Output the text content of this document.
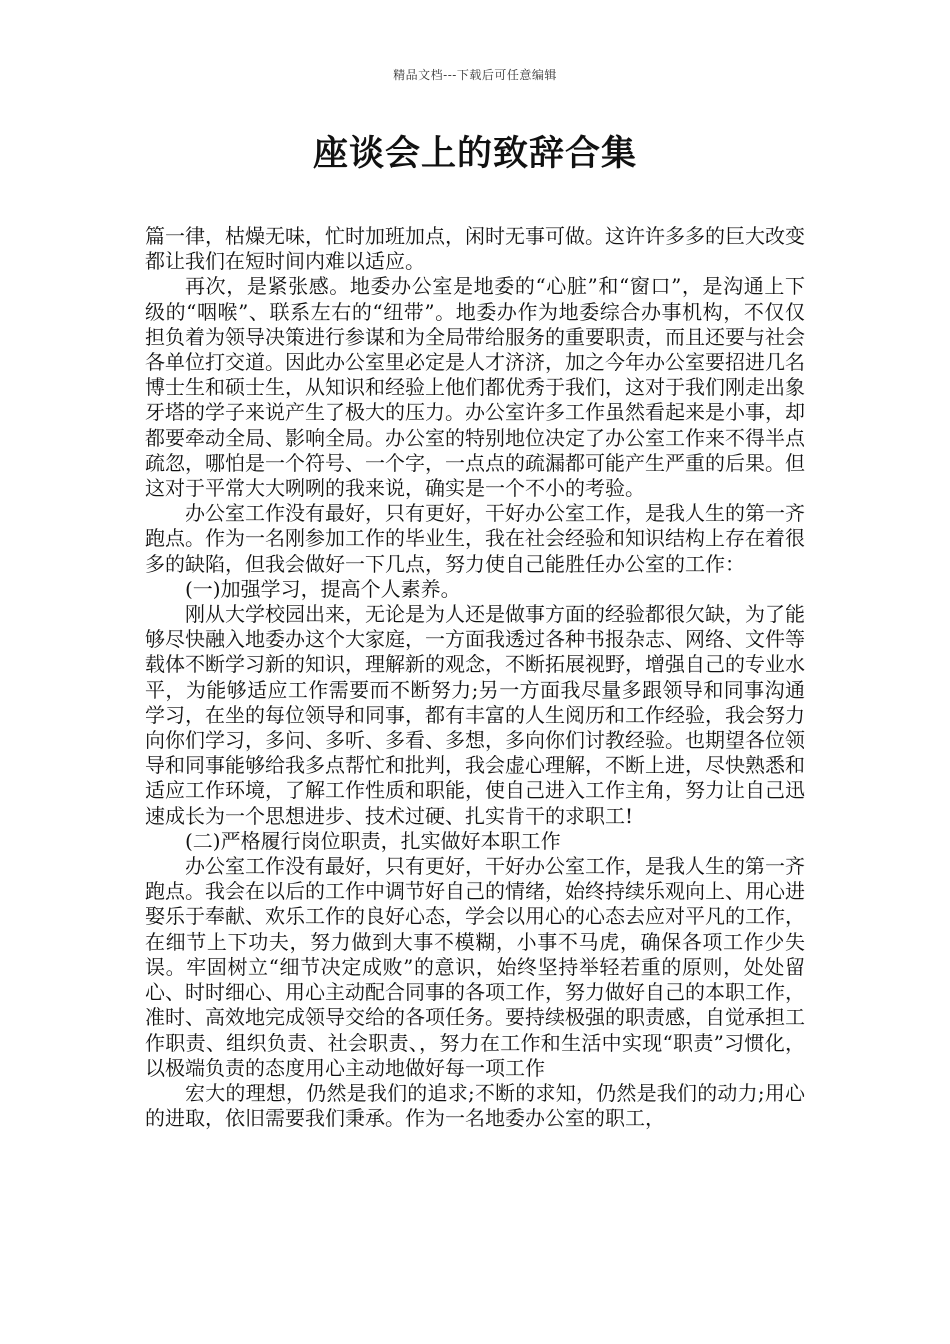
精品文档---下载后可任意编辑
座谈会上的致辞合集

篇一律，枯燥无味，忙时加班加点，闲时无事可做。这许许多多的巨大改变都让我们在短时间内难以适应。

再次，是紧张感。地委办公室是地委的“心脏”和“窗口”，是沟通上下级的“咽喉”、联系左右的“纽带”。地委办作为地委综合办事机构，不仅仅担负着为领导决策进行参谋和为全局带给服务的重要职责，而且还要与社会各单位打交道。因此办公室里必定是人才济济，加之今年办公室要招进几名博士生和硕士生，从知识和经验上他们都优秀于我们，这对于我们刚走出象牙塔的学子来说产生了极大的压力。办公室许多工作虽然看起来是小事，却都要牵动全局、影响全局。办公室的特别地位决定了办公室工作来不得半点疏忽，哪怕是一个符号、一个字，一点点的疏漏都可能产生严重的后果。但这对于平常大大咧咧的我来说，确实是一个不小的考验。

办公室工作没有最好，只有更好，干好办公室工作，是我人生的第一齐跑点。作为一名刚参加工作的毕业生，我在社会经验和知识结构上存在着很多的缺陷，但我会做好一下几点，努力使自己能胜任办公室的工作：

(一)加强学习，提高个人素养。

刚从大学校园出来，无论是为人还是做事方面的经验都很欠缺，为了能够尽快融入地委办这个大家庭，一方面我透过各种书报杂志、网络、文件等载体不断学习新的知识，理解新的观念，不断拓展视野，增强自己的专业水平，为能够适应工作需要而不断努力;另一方面我尽量多跟领导和同事沟通学习，在坐的每位领导和同事，都有丰富的人生阅历和工作经验，我会努力向你们学习，多问、多听、多看、多想，多向你们讨教经验。也期望各位领导和同事能够给我多点帮忙和批判，我会虚心理解，不断上进，尽快熟悉和适应工作环境，了解工作性质和职能，使自己进入工作主角，努力让自己迅速成长为一个思想进步、技术过硬、扎实肯干的求职工!

(二)严格履行岗位职责，扎实做好本职工作

办公室工作没有最好，只有更好，干好办公室工作，是我人生的第一齐跑点。我会在以后的工作中调节好自己的情绪，始终持续乐观向上、用心进娶乐于奉献、欢乐工作的良好心态，学会以用心的心态去应对平凡的工作，在细节上下功夫，努力做到大事不模糊，小事不马虎，确保各项工作少失误。牢固树立“细节决定成败”的意识，始终坚持举轻若重的原则，处处留心、时时细心、用心主动配合同事的各项工作，努力做好自己的本职工作，准时、高效地完成领导交给的各项任务。要持续极强的职责感，自觉承担工作职责、组织负责、社会职责、，努力在工作和生活中实现“职责”习惯化，以极端负责的态度用心主动地做好每一项工作

宏大的理想，仍然是我们的追求;不断的求知，仍然是我们的动力;用心的进取，依旧需要我们秉承。作为一名地委办公室的职工，
